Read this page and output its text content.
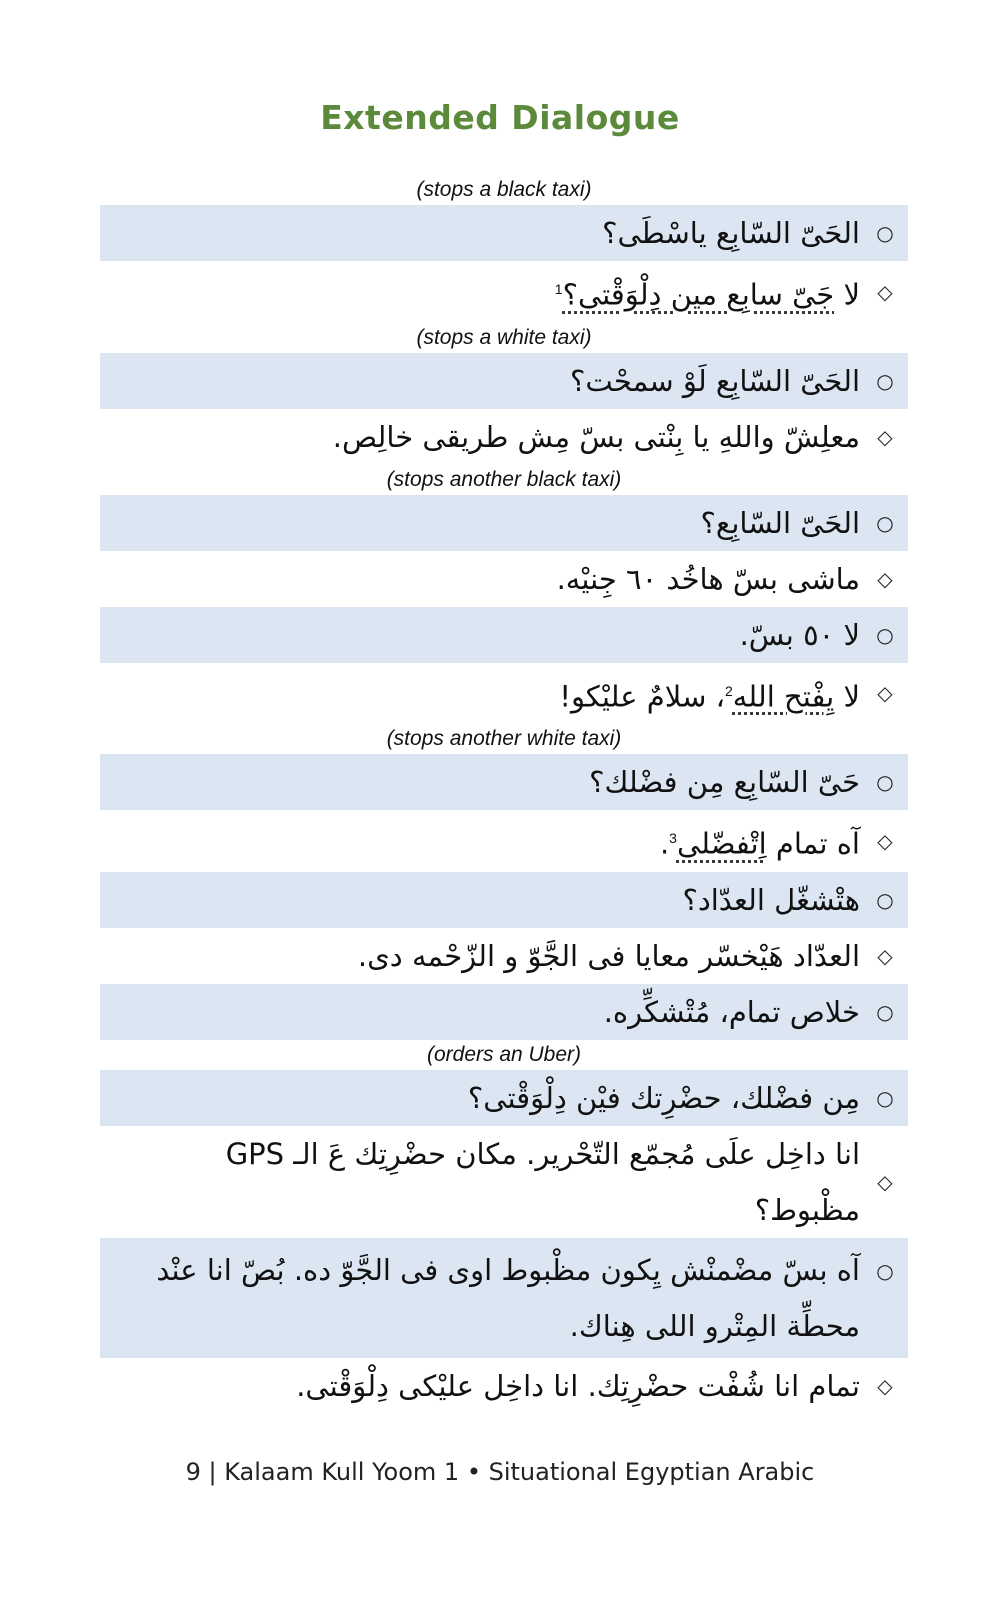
Extended Dialogue
(stops a black taxi)
○
الحَىّ السّابِع ياسْطَى؟
◇
لا جَىّ سابِع مين دِلْوَقْتى؟$^1$
(stops a white taxi)
○
الحَىّ السّابِع لَوْ سمحْت؟
◇
معلِشّ واللهِ يا بِنْتى بسّ مِش طريقى خالِص.
(stops another black taxi)
○
الحَىّ السّابِع؟
◇
ماشى بسّ هاخُد ٦٠ جِنيْه.
○
لا ٥٠ بسّ.
◇
لا يِفْتح الله$^2$، سلامٌ عليْكو!
(stops another white taxi)
○
حَىّ السّابِع مِن فضْلك؟
◇
آه تمام اِتْفضّلى$^3$.
○
هتْشغّل العدّاد؟
◇
العدّاد هَيْخسّر معايا فى الجَّوّ و الزّحْمه دى.
○
خلاص تمام، مُتْشكِّره.
(orders an Uber)
○
مِن فضْلك، حضْرِتك فيْن دِلْوَقْتى؟
◇
انا داخِل علَى مُجمّع التّحْرير. مكان حضْرِتِك عَ الـ GPS مظْبوط؟
○
آه بسّ مضْمنْش يِكون مظْبوط اوى فى الجَّوّ ده. بُصّ انا عنْد محطِّة المِتْرو اللى هِناك.
◇
تمام انا شُفْت حضْرِتِك. انا داخِل عليْكى دِلْوَقْتى.
9 | Kalaam Kull Yoom 1 • Situational Egyptian Arabic
